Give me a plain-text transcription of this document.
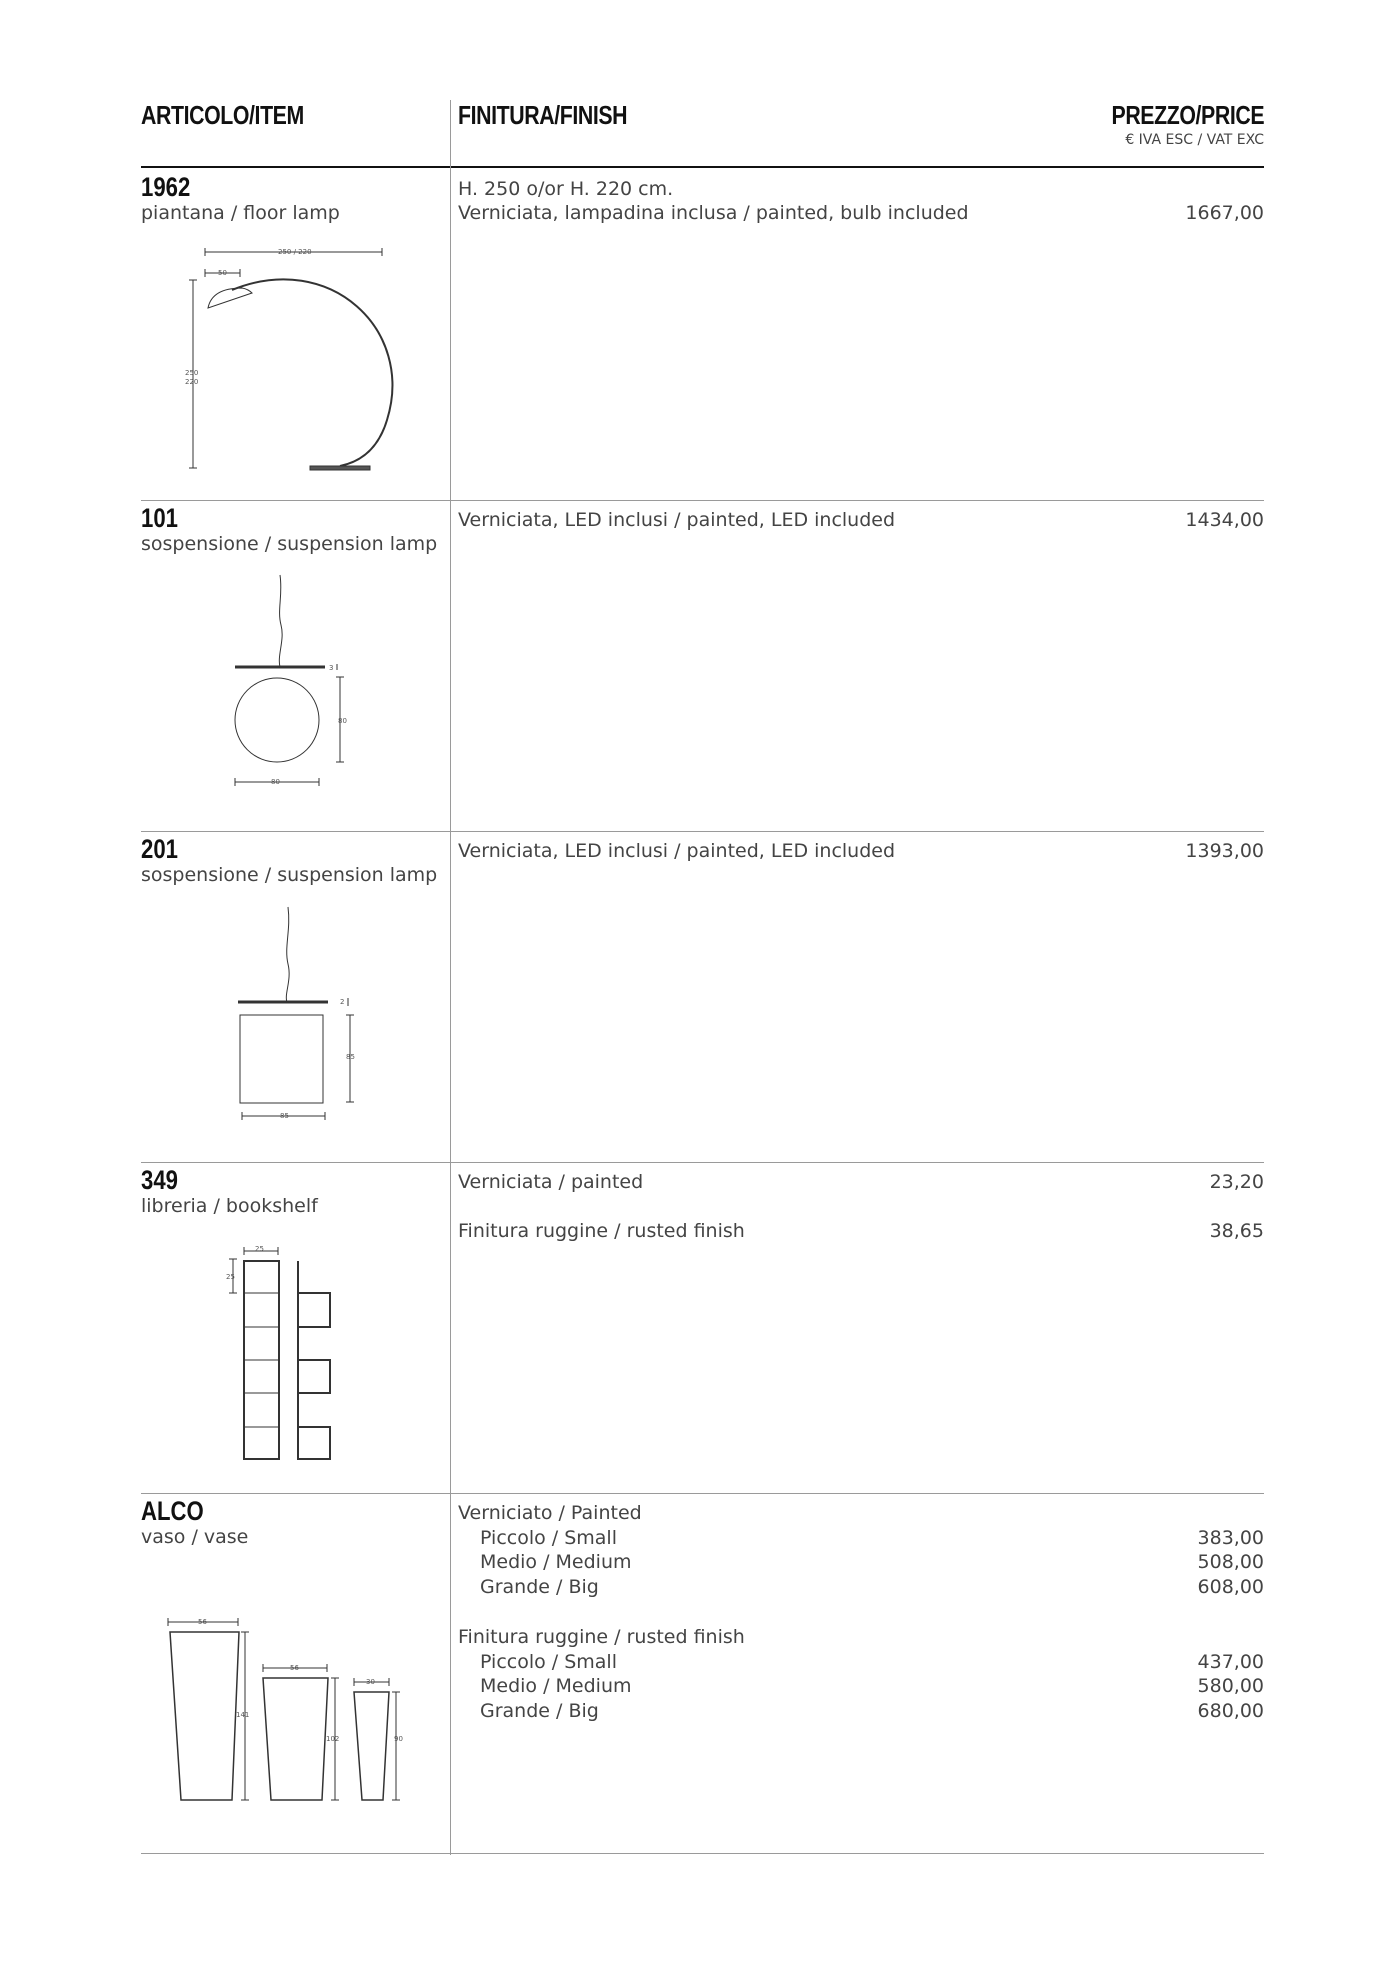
ARTICOLO/ITEM	FINITURA/FINISH	PREZZO/PRICE
€ IVA ESC / VAT EXC
1962
piantana / floor lamp
H. 250 o/or H. 220 cm.
Verniciata, lampadina inclusa / painted, bulb included	1667,00
250 / 220
50
250
220
101
sospensione / suspension lamp
Verniciata, LED inclusi / painted, LED included	1434,00
3
80
80
201
sospensione / suspension lamp
Verniciata, LED inclusi / painted, LED included	1393,00
2
85
85
349
libreria / bookshelf
Verniciata / painted	23,20
Finitura ruggine / rusted finish	38,65
25
25
ALCO
vaso / vase
Verniciato / Painted
Piccolo / Small	383,00
Medio / Medium	508,00
Grande / Big	608,00
Finitura ruggine / rusted finish
Piccolo / Small	437,00
Medio / Medium	580,00
Grande / Big	680,00
56
141
56
102
30
90
